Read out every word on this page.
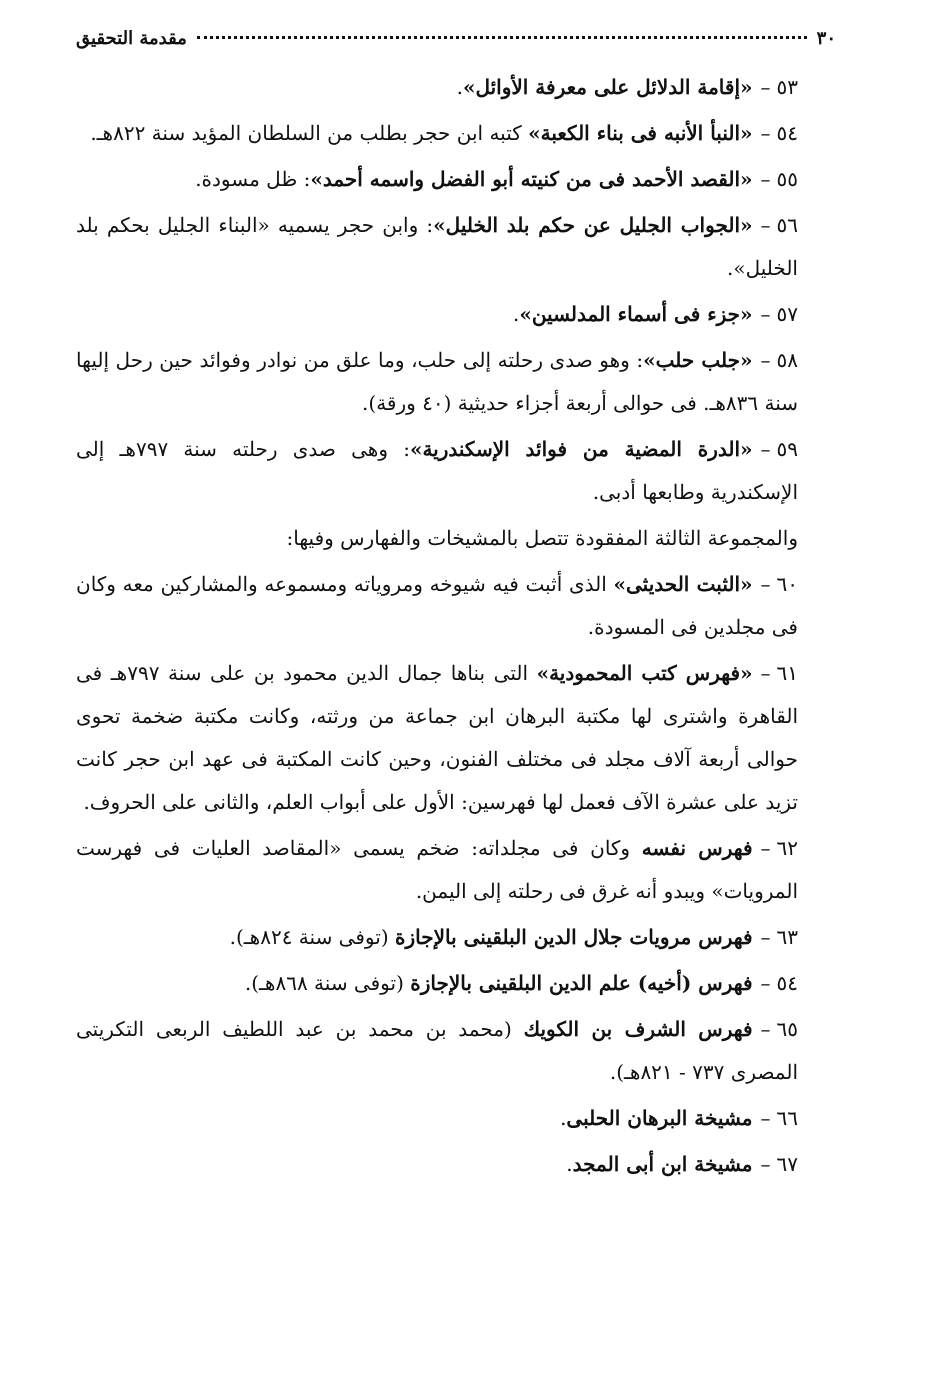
٣٠
مقدمة التحقيق

٥٣–«إقامة الدلائل على معرفة الأوائل».

٥٤–«النبأ الأنبه فى بناء الكعبة» كتبه ابن حجر بطلب من السلطان المؤيد سنة ٨٢٢هـ.

٥٥–«القصد الأحمد فى من كنيته أبو الفضل واسمه أحمد»: ظل مسودة.

٥٦–«الجواب الجليل عن حكم بلد الخليل»: وابن حجر يسميه «البناء الجليل بحكم بلد الخليل».

٥٧–«جزء فى أسماء المدلسين».

٥٨–«جلب حلب»: وهو صدى رحلته إلى حلب، وما علق من نوادر وفوائد حين رحل إليها سنة ٨٣٦هـ. فى حوالى أربعة أجزاء حديثية (٤٠ ورقة).

٥٩–«الدرة المضية من فوائد الإسكندرية»: وهى صدى رحلته سنة ٧٩٧هـ إلى الإسكندرية وطابعها أدبى.

والمجموعة الثالثة المفقودة تتصل بالمشيخات والفهارس وفيها:

٦٠–«الثبت الحديثى» الذى أثبت فيه شيوخه ومروياته ومسموعه والمشاركين معه وكان فى مجلدين فى المسودة.

٦١–«فهرس كتب المحمودية» التى بناها جمال الدين محمود بن على سنة ٧٩٧هـ فى القاهرة واشترى لها مكتبة البرهان ابن جماعة من ورثته، وكانت مكتبة ضخمة تحوى حوالى أربعة آلاف مجلد فى مختلف الفنون، وحين كانت المكتبة فى عهد ابن حجر كانت تزيد على عشرة الآف فعمل لها فهرسين: الأول على أبواب العلم، والثانى على الحروف.

٦٢–فهرس نفسه وكان فى مجلداته: ضخم يسمى «المقاصد العليات فى فهرست المرويات» ويبدو أنه غرق فى رحلته إلى اليمن.

٦٣–فهرس مرويات جلال الدين البلقينى بالإجازة (توفى سنة ٨٢٤هـ).

٥٤–فهرس (أخيه) علم الدين البلقينى بالإجازة (توفى سنة ٨٦٨هـ).

٦٥–فهرس الشرف بن الكويك (محمد بن محمد بن عبد اللطيف الربعى التكريتى المصرى ٧٣٧ - ٨٢١هـ).

٦٦–مشيخة البرهان الحلبى.

٦٧–مشيخة ابن أبى المجد.
